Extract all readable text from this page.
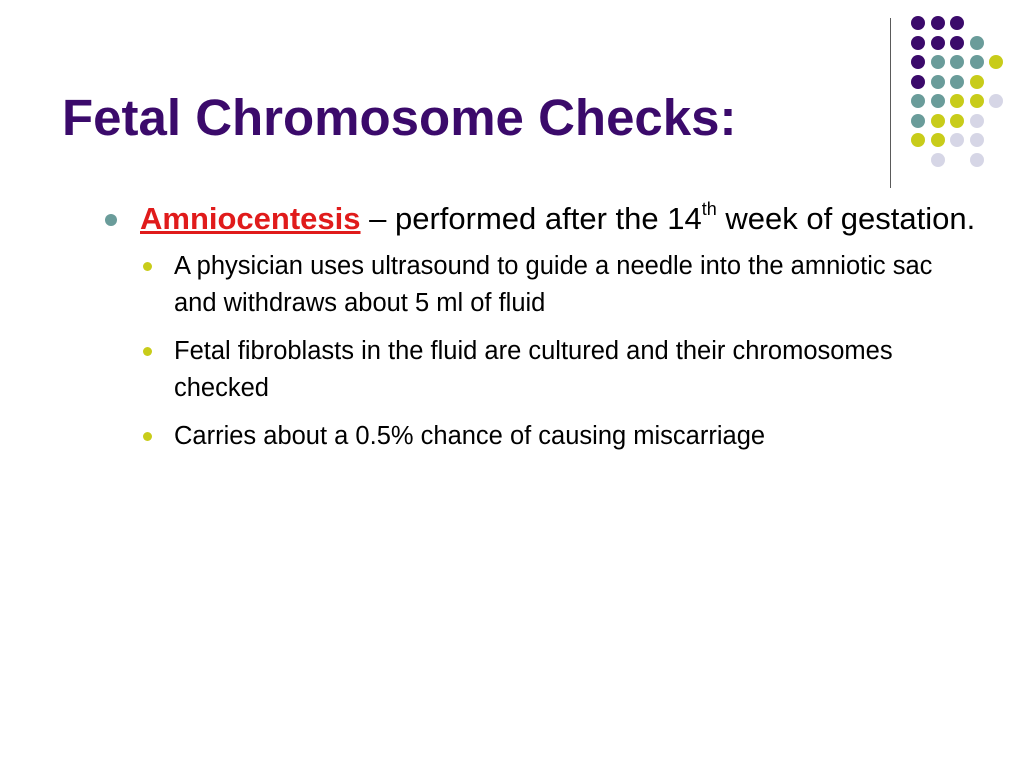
Fetal Chromosome Checks:
Amniocentesis – performed after the 14th week of gestation.
A physician uses ultrasound to guide a needle into the amniotic sac and withdraws about 5 ml of fluid
Fetal fibroblasts in the fluid are cultured and their chromosomes checked
Carries about a 0.5% chance of causing miscarriage
